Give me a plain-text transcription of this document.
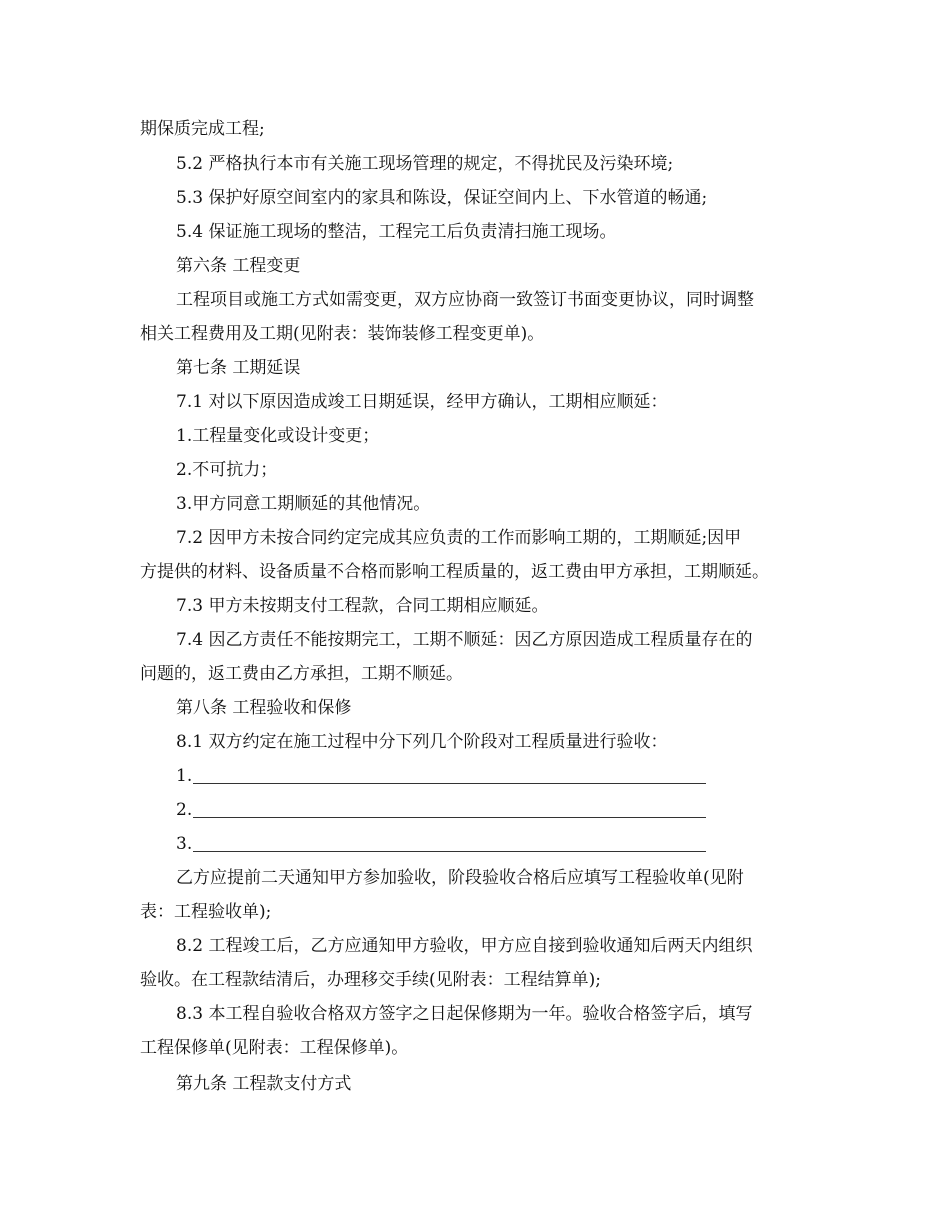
期保质完成工程;
5.2 严格执行本市有关施工现场管理的规定，不得扰民及污染环境;
5.3 保护好原空间室内的家具和陈设，保证空间内上、下水管道的畅通;
5.4 保证施工现场的整洁，工程完工后负责清扫施工现场。
第六条 工程变更
工程项目或施工方式如需变更，双方应协商一致签订书面变更协议，同时调整
相关工程费用及工期(见附表：装饰装修工程变更单)。
第七条 工期延误
7.1 对以下原因造成竣工日期延误，经甲方确认，工期相应顺延：
1.工程量变化或设计变更；
2.不可抗力；
3.甲方同意工期顺延的其他情况。
7.2 因甲方未按合同约定完成其应负责的工作而影响工期的，工期顺延;因甲
方提供的材料、设备质量不合格而影响工程质量的，返工费由甲方承担，工期顺延。
7.3 甲方未按期支付工程款，合同工期相应顺延。
7.4 因乙方责任不能按期完工，工期不顺延：因乙方原因造成工程质量存在的
问题的，返工费由乙方承担，工期不顺延。
第八条 工程验收和保修
8.1 双方约定在施工过程中分下列几个阶段对工程质量进行验收：
1.
2.
3.
乙方应提前二天通知甲方参加验收，阶段验收合格后应填写工程验收单(见附
表：工程验收单);
8.2 工程竣工后，乙方应通知甲方验收，甲方应自接到验收通知后两天内组织
验收。在工程款结清后，办理移交手续(见附表：工程结算单);
8.3 本工程自验收合格双方签字之日起保修期为一年。验收合格签字后，填写
工程保修单(见附表：工程保修单)。
第九条 工程款支付方式
